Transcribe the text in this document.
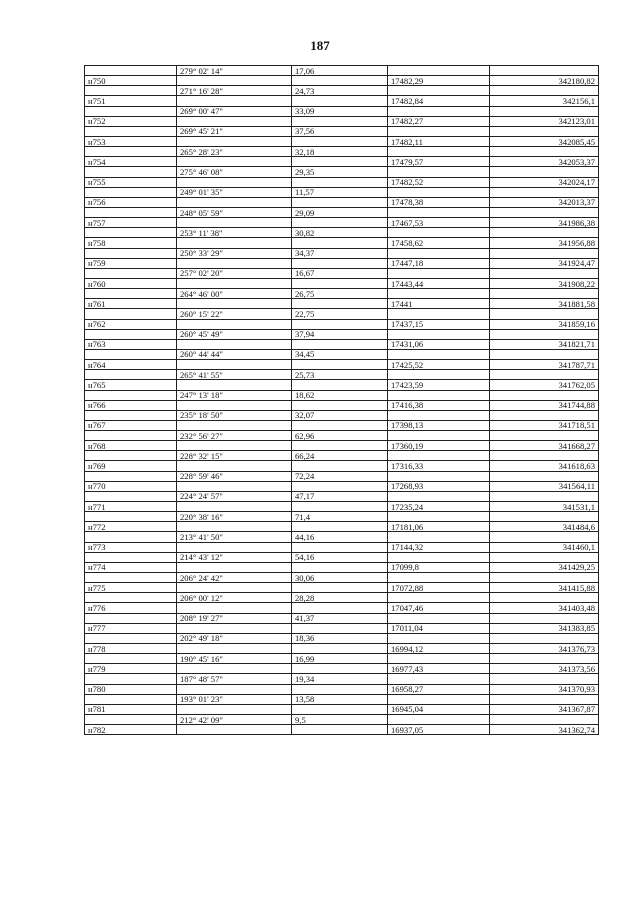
187
	279° 02' 14"	17,06		
н750			17482,29	342180,82
	271° 16' 28"	24,73		
н751			17482,84	342156,1
	269° 00' 47"	33,09		
н752			17482,27	342123,01
	269° 45' 21"	37,56		
н753			17482,11	342085,45
	265° 28' 23"	32,18		
н754			17479,57	342053,37
	275° 46' 08"	29,35		
н755			17482,52	342024,17
	249° 01' 35"	11,57		
н756			17478,38	342013,37
	248° 05' 59"	29,09		
н757			17467,53	341986,38
	253° 11' 38"	30,82		
н758			17458,62	341956,88
	250° 33' 29"	34,37		
н759			17447,18	341924,47
	257° 02' 20"	16,67		
н760			17443,44	341908,22
	264° 46' 00"	26,75		
н761			17441	341881,58
	260° 15' 22"	22,75		
н762			17437,15	341859,16
	260° 45' 49"	37,94		
н763			17431,06	341821,71
	260° 44' 44"	34,45		
н764			17425,52	341787,71
	265° 41' 55"	25,73		
н765			17423,59	341762,05
	247° 13' 18"	18,62		
н766			17416,38	341744,88
	235° 18' 50"	32,07		
н767			17398,13	341718,51
	232° 56' 27"	62,96		
н768			17360,19	341668,27
	228° 32' 15"	66,24		
н769			17316,33	341618,63
	228° 59' 46"	72,24		
н770			17268,93	341564,11
	224° 24' 57"	47,17		
н771			17235,24	341531,1
	220° 38' 16"	71,4		
н772			17181,06	341484,6
	213° 41' 50"	44,16		
н773			17144,32	341460,1
	214° 43' 12"	54,16		
н774			17099,8	341429,25
	206° 24' 42"	30,06		
н775			17072,88	341415,88
	206° 00' 12"	28,28		
н776			17047,46	341403,48
	208° 19' 27"	41,37		
н777			17011,04	341383,85
	202° 49' 18"	18,36		
н778			16994,12	341376,73
	190° 45' 16"	16,99		
н779			16977,43	341373,56
	187° 48' 57"	19,34		
н780			16958,27	341370,93
	193° 01' 23"	13,58		
н781			16945,04	341367,87
	212° 42' 09"	9,5		
н782			16937,05	341362,74
